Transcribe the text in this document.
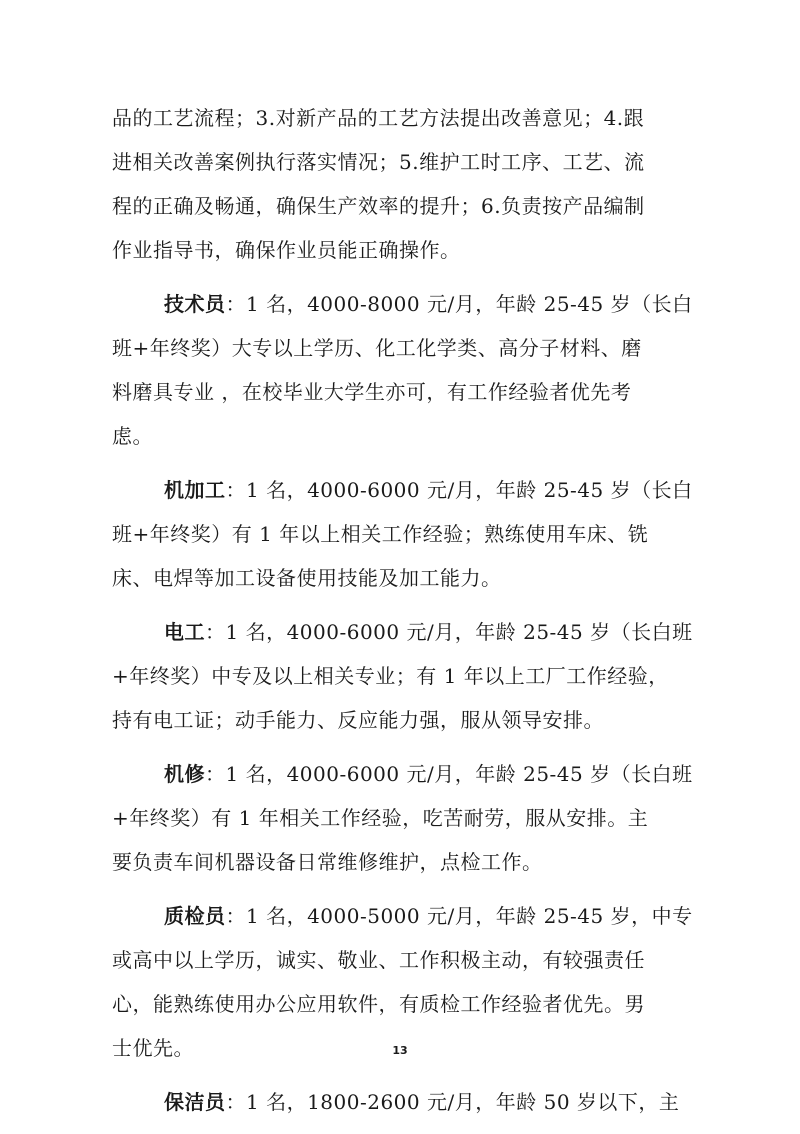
品的工艺流程；3.对新产品的工艺方法提出改善意见；4.跟
进相关改善案例执行落实情况；5.维护工时工序、工艺、流
程的正确及畅通，确保生产效率的提升；6.负责按产品编制
作业指导书，确保作业员能正确操作。
技术员：1 名，4000-8000 元/月，年龄 25-45 岁（长白
班+年终奖）大专以上学历、化工化学类、高分子材料、磨
料磨具专业 ，在校毕业大学生亦可，有工作经验者优先考
虑。
机加工：1 名，4000-6000 元/月，年龄 25-45 岁（长白
班+年终奖）有 1 年以上相关工作经验；熟练使用车床、铣
床、电焊等加工设备使用技能及加工能力。
电工：1 名，4000-6000 元/月，年龄 25-45 岁（长白班
+年终奖）中专及以上相关专业；有 1 年以上工厂工作经验，
持有电工证；动手能力、反应能力强，服从领导安排。
机修：1 名，4000-6000 元/月，年龄 25-45 岁（长白班
+年终奖）有 1 年相关工作经验，吃苦耐劳，服从安排。主
要负责车间机器设备日常维修维护，点检工作。
质检员：1 名，4000-5000 元/月，年龄 25-45 岁，中专
或高中以上学历，诚实、敬业、工作积极主动，有较强责任
心，能熟练使用办公应用软件，有质检工作经验者优先。男
士优先。
保洁员：1 名，1800-2600 元/月，年龄 50 岁以下，主
13
